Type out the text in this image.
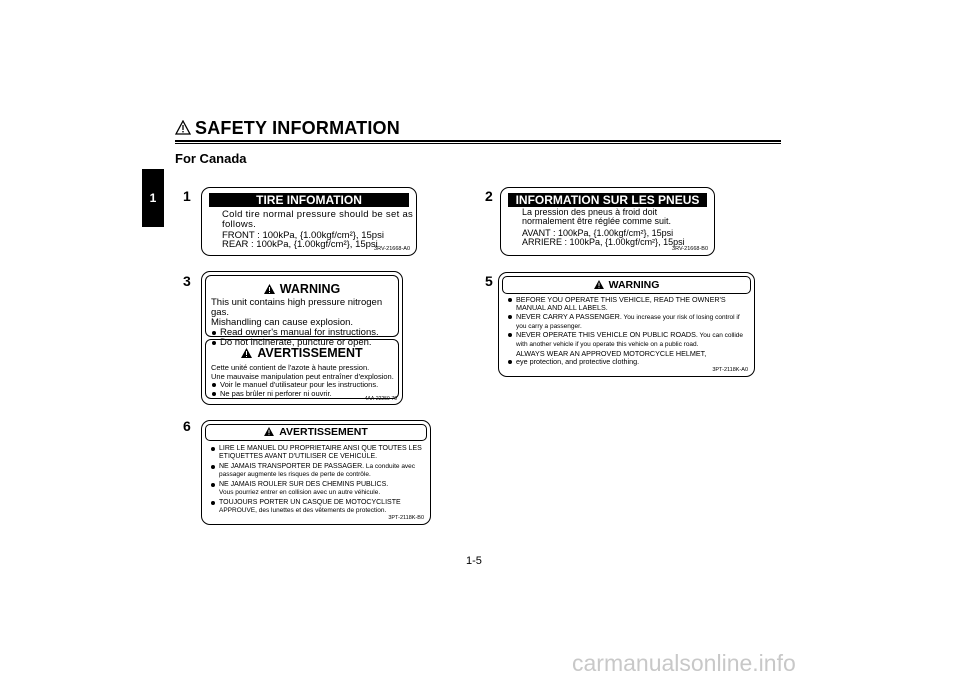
SAFETY INFORMATION
For Canada
1	1	2
3	5
6
TIRE INFOMATION
Cold tire normal pressure should be set as follows.
FRONT : 100kPa, {1.00kgf/cm²}, 15psi
REAR : 100kPa, {1.00kgf/cm²}, 15psi
3RV-21668-A0
INFORMATION SUR LES PNEUS
La pression des pneus à froid doit normalement être réglée comme suit.
AVANT : 100kPa, {1.00kgf/cm²}, 15psi
ARRIERE : 100kPa, {1.00kgf/cm²}, 15psi
3RV-21668-B0
WARNING
This unit contains high pressure nitrogen gas.
Mishandling can cause explosion.
Read owner's manual for instructions.
Do not incinerate, puncture or open.
AVERTISSEMENT
Cette unité contient de l'azote à haute pression.
Une mauvaise manipulation peut entraîner d'explosion.
Voir le manuel d'utilisateur pour les instructions.
Ne pas brûler ni perforer ni ouvrir.
4AA-22259-70
WARNING
BEFORE YOU OPERATE THIS VEHICLE, READ THE OWNER'S MANUAL AND ALL LABELS.
NEVER CARRY A PASSENGER. You increase your risk of losing control if you carry a passenger.
NEVER OPERATE THIS VEHICLE ON PUBLIC ROADS. You can collide with another vehicle if you operate this vehicle on a public road.
ALWAYS WEAR AN APPROVED MOTORCYCLE HELMET,
eye protection, and protective clothing.
3PT-2118K-A0
AVERTISSEMENT
LIRE LE MANUEL DU PROPRIETAIRE ANSI QUE TOUTES LES ETIQUETTES AVANT D'UTILISER CE VEHICULE.
NE JAMAIS TRANSPORTER DE PASSAGER. La conduite avec passager augmente les risques de perte de contrôle.
NE JAMAIS ROULER SUR DES CHEMINS PUBLICS.
Vous pourriez entrer en collision avec un autre véhicule.
TOUJOURS PORTER UN CASQUE DE MOTOCYCLISTE
APPROUVE, des lunettes et des vêtements de protection.
3PT-2118K-B0
1-5
carmanualsonline.info
